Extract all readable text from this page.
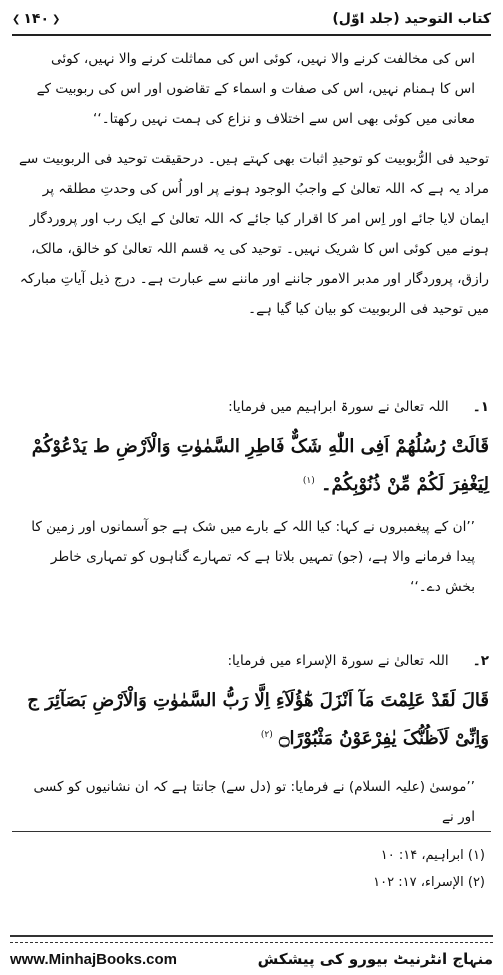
❮ ۱۴۰ ❯	کتاب التوحید (جلد اوّل)
اس کی مخالفت کرنے والا نہیں، کوئی اس کی مماثلت کرنے والا نہیں، کوئی اس کا ہمنام نہیں، اس کی صفات و اسماء کے تقاضوں اور اس کی ربوبیت کے معانی میں کوئی بھی اس سے اختلاف و نزاع کی ہمت نہیں رکھتا۔‘‘
توحید فی الرُّبوبیت کو توحیدِ اثبات بھی کہتے ہیں۔ درحقیقت توحید فی الربوبیت سے مراد یہ ہے کہ اللہ تعالیٰ کے واجبُ الوجود ہونے پر اور اُس کی وحدتِ مطلقہ پر ایمان لایا جائے اور اِس امر کا اقرار کیا جائے کہ اللہ تعالیٰ کے ایک رب اور پروردگار ہونے میں کوئی اس کا شریک نہیں۔ توحید کی یہ قسم اللہ تعالیٰ کو خالق، مالک، رازق، پروردگار اور مدبر الامور جاننے اور ماننے سے عبارت ہے۔ درج ذیل آیاتِ مبارکہ میں توحید فی الربوبیت کو بیان کیا گیا ہے۔
۱۔ اللہ تعالیٰ نے سورۃ ابراہیم میں فرمایا:
قَالَتْ رُسُلُهُمْ اَفِی اللّٰهِ شَکٌّ فَاطِرِ السَّمٰوٰتِ وَالْاَرْضِ ط یَدْعُوْکُمْ لِیَغْفِرَ لَکُمْ مِّنْ ذُنُوْبِکُمْ۔ $^{(۱)}$
’’ان کے پیغمبروں نے کہا: کیا اللہ کے بارے میں شک ہے جو آسمانوں اور زمین کا پیدا فرمانے والا ہے، (جو) تمہیں بلاتا ہے کہ تمہارے گناہوں کو تمہاری خاطر بخش دے۔‘‘
۲۔ اللہ تعالیٰ نے سورۃ الإسراء میں فرمایا:
قَالَ لَقَدْ عَلِمْتَ مَآ اَنْزَلَ هٰٓؤُلَآءِ اِلَّا رَبُّ السَّمٰوٰتِ وَالْاَرْضِ بَصَآئِرَ ج وَاِنِّیْ لَاَظُنُّکَ یٰفِرْعَوْنُ مَثْبُوْرًا۝ $^{(۲)}$
’’موسیٰ (علیہ السلام) نے فرمایا: تو (دل سے) جانتا ہے کہ ان نشانیوں کو کسی اور نے
(۱) ابراہیم، ۱۴: ۱۰
(۲) الإسراء، ۱۷: ۱۰۲
www.MinhajBooks.com	منہاج انٹرنیٹ بیورو کی پیشکش
